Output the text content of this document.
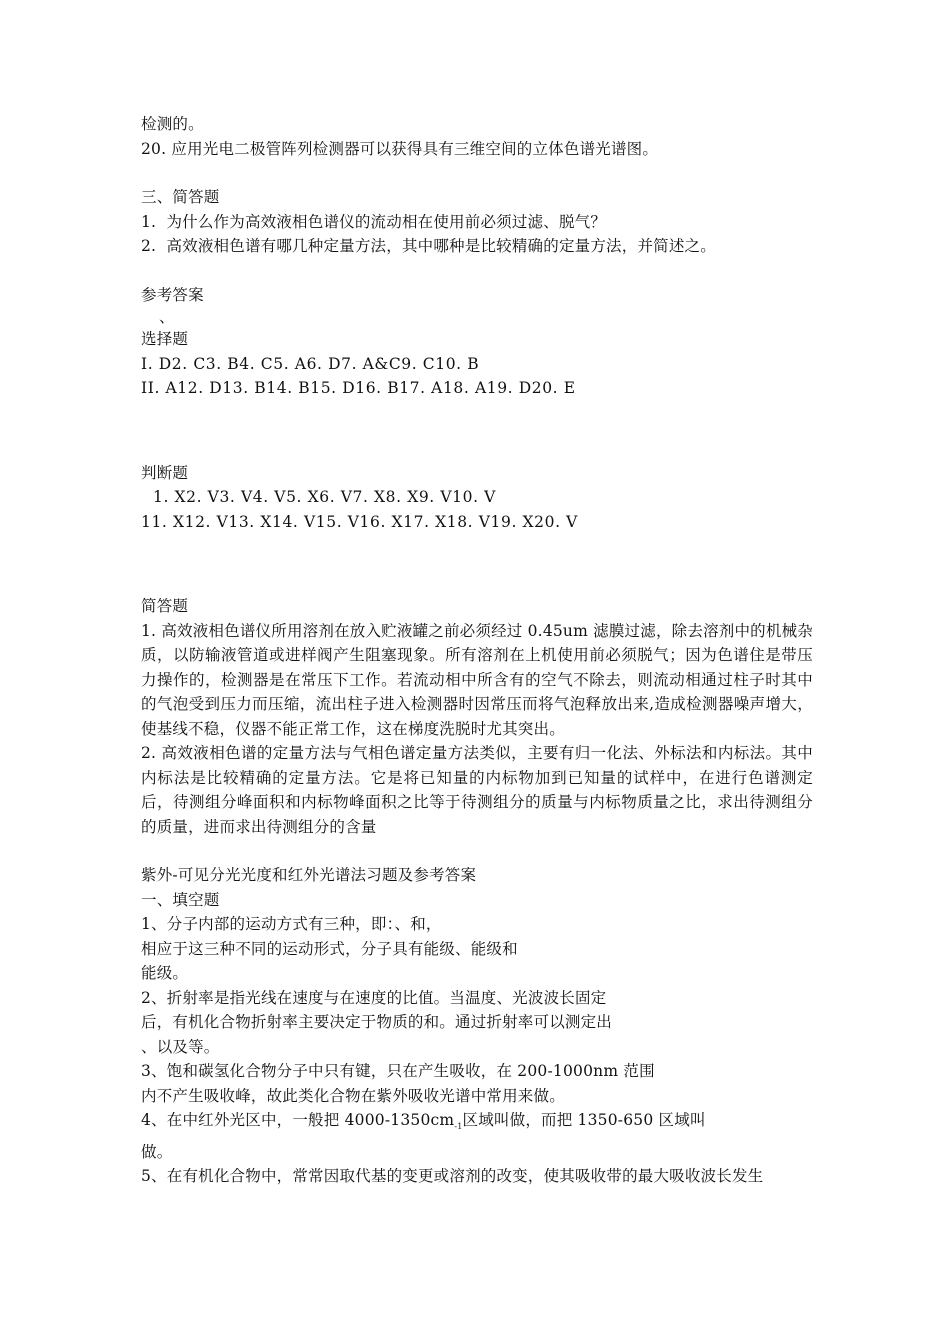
检测的。
20. 应用光电二极管阵列检测器可以获得具有三维空间的立体色谱光谱图。
三、简答题
1.  为什么作为高效液相色谱仪的流动相在使用前必须过滤、脱气？
2.  高效液相色谱有哪几种定量方法，其中哪种是比较精确的定量方法，并简述之。
参考答案
、
选择题
I. D2. C3. B4. C5. A6. D7. A&C9. C10. B
II. A12. D13. B14. B15. D16. B17. A18. A19. D20. E
判断题
1. X2. V3. V4. V5. X6. V7. X8. X9. V10. V
11. X12. V13. X14. V15. V16. X17. X18. V19. X20. V
简答题
1. 高效液相色谱仪所用溶剂在放入贮液罐之前必须经过 0.45um 滤膜过滤，除去溶剂中的机械杂质，以防输液管道或进样阀产生阻塞现象。所有溶剂在上机使用前必须脱气；因为色谱住是带压力操作的，检测器是在常压下工作。若流动相中所含有的空气不除去，则流动相通过柱子时其中的气泡受到压力而压缩，流出柱子进入检测器时因常压而将气泡释放出来,造成检测器噪声增大，使基线不稳，仪器不能正常工作，这在梯度洗脱时尤其突出。
2. 高效液相色谱的定量方法与气相色谱定量方法类似，主要有归一化法、外标法和内标法。其中内标法是比较精确的定量方法。它是将已知量的内标物加到已知量的试样中，在进行色谱测定后，待测组分峰面积和内标物峰面积之比等于待测组分的质量与内标物质量之比，求出待测组分的质量，进而求出待测组分的含量
紫外-可见分光光度和红外光谱法习题及参考答案
一、填空题
1、分子内部的运动方式有三种，即：、和，
相应于这三种不同的运动形式，分子具有能级、能级和
能级。
2、折射率是指光线在速度与在速度的比值。当温度、光波波长固定
后，有机化合物折射率主要决定于物质的和。通过折射率可以测定出
、以及等。
3、饱和碳氢化合物分子中只有键，只在产生吸收，在 200-1000nm 范围
内不产生吸收峰，故此类化合物在紫外吸收光谱中常用来做。
4、在中红外光区中，一般把 $4000-1350cm_{-1}$区域叫做，而把 1350-650 区域叫
做。
5、在有机化合物中，常常因取代基的变更或溶剂的改变，使其吸收带的最大吸收波长发生
